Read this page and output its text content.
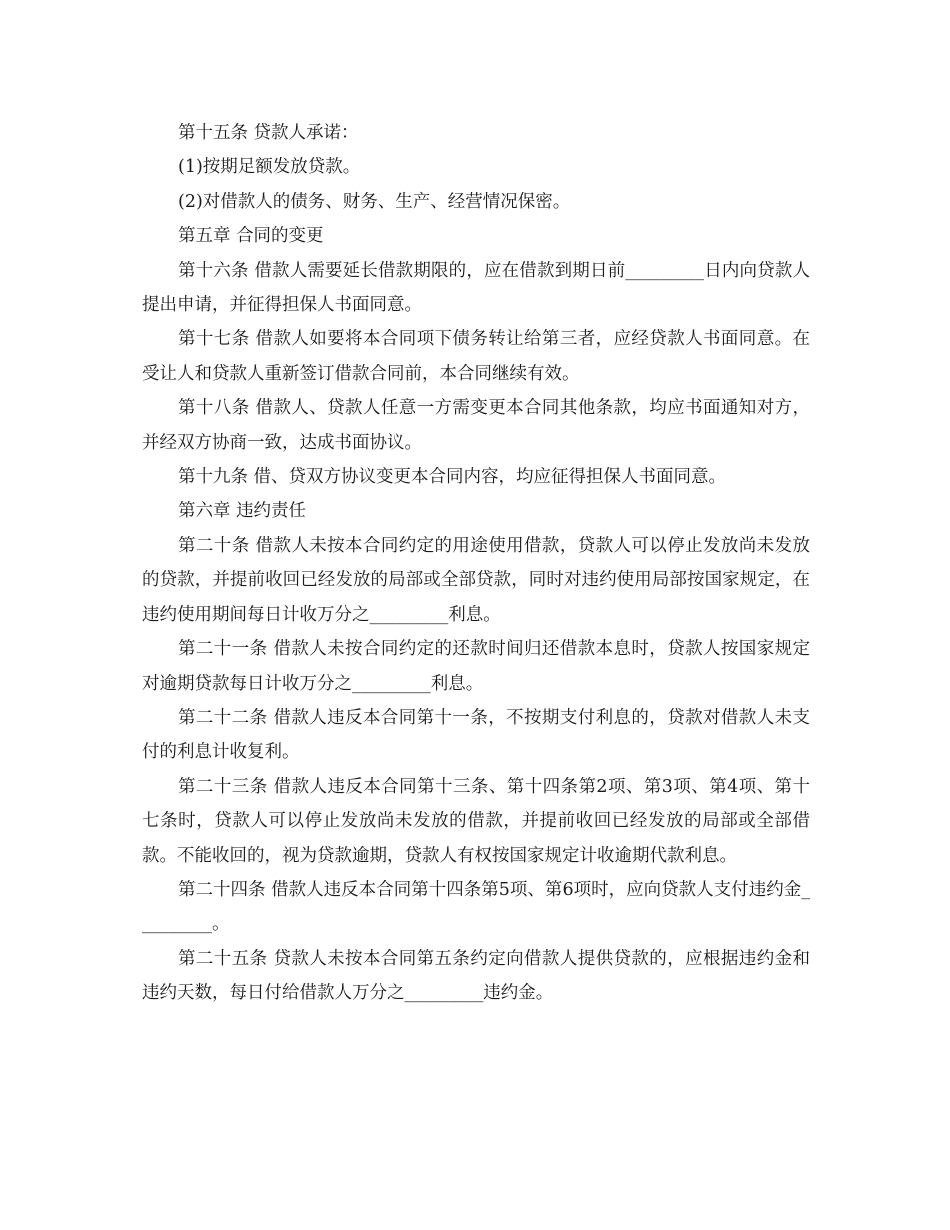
第十五条 贷款人承诺：

(1)按期足额发放贷款。

(2)对借款人的债务、财务、生产、经营情况保密。

第五章 合同的变更

第十六条 借款人需要延长借款期限的，应在借款到期日前_________日内向贷款人提出申请，并征得担保人书面同意。

第十七条 借款人如要将本合同项下债务转让给第三者，应经贷款人书面同意。在受让人和贷款人重新签订借款合同前，本合同继续有效。

第十八条 借款人、贷款人任意一方需变更本合同其他条款，均应书面通知对方，并经双方协商一致，达成书面协议。

第十九条 借、贷双方协议变更本合同内容，均应征得担保人书面同意。

第六章 违约责任

第二十条 借款人未按本合同约定的用途使用借款，贷款人可以停止发放尚未发放的贷款，并提前收回已经发放的局部或全部贷款，同时对违约使用局部按国家规定，在违约使用期间每日计收万分之_________利息。

第二十一条 借款人未按合同约定的还款时间归还借款本息时，贷款人按国家规定对逾期贷款每日计收万分之_________利息。

第二十二条 借款人违反本合同第十一条，不按期支付利息的，贷款对借款人未支付的利息计收复利。

第二十三条 借款人违反本合同第十三条、第十四条第2项、第3项、第4项、第十七条时，贷款人可以停止发放尚未发放的借款，并提前收回已经发放的局部或全部借款。不能收回的，视为贷款逾期，贷款人有权按国家规定计收逾期代款利息。

第二十四条 借款人违反本合同第十四条第5项、第6项时，应向贷款人支付违约金_________。

第二十五条 贷款人未按本合同第五条约定向借款人提供贷款的，应根据违约金和违约天数，每日付给借款人万分之_________违约金。
